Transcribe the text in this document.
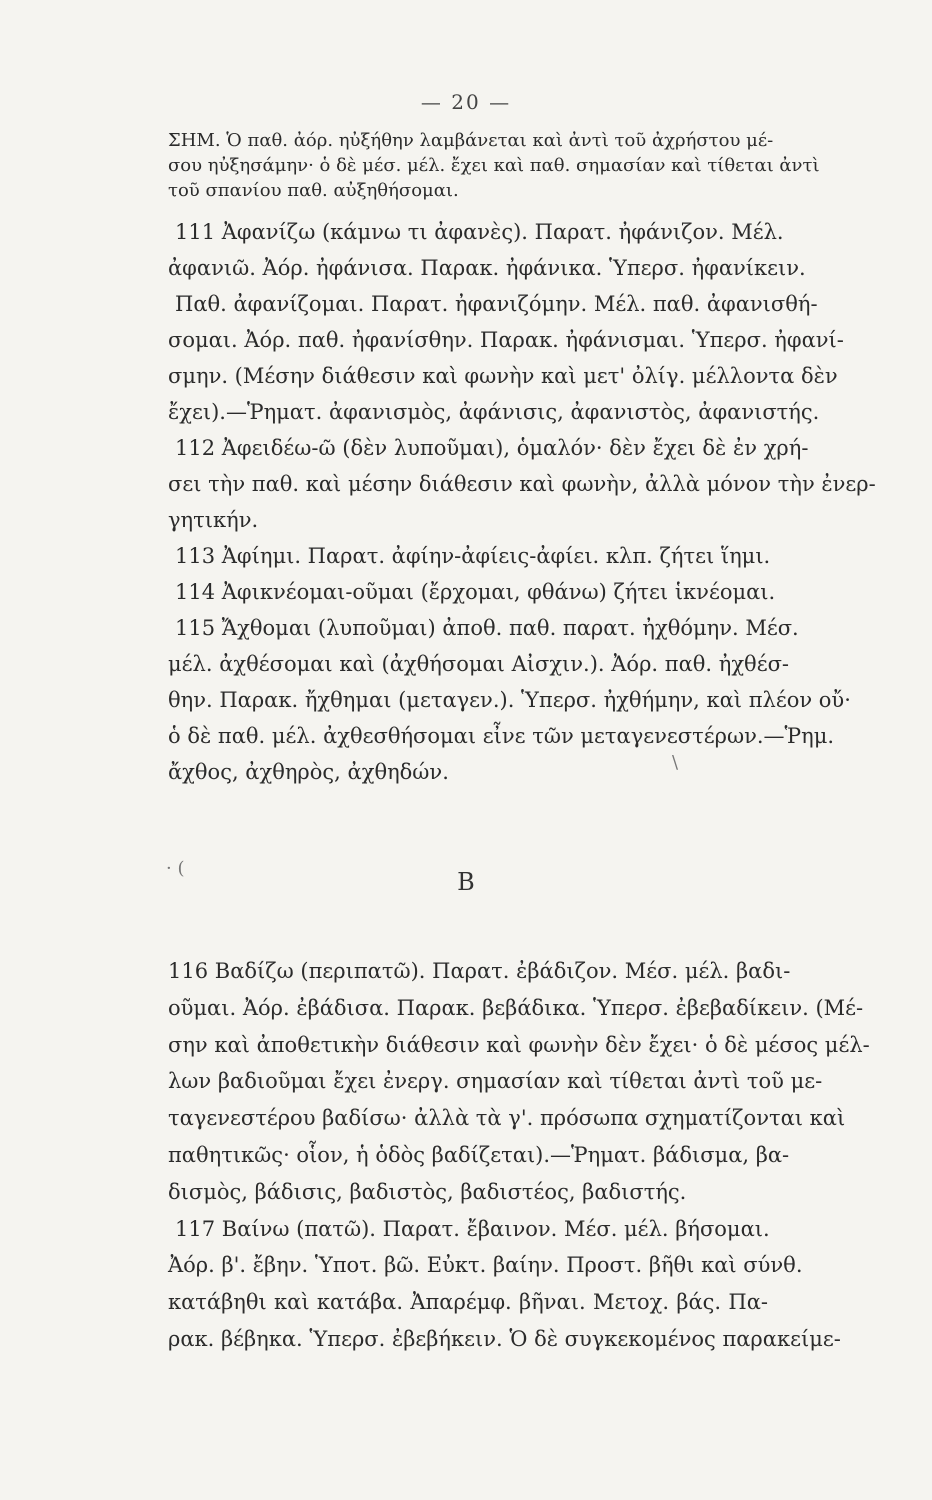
— 20 —
ΣΗΜ. Ὁ παθ. ἀόρ. ηὐξήθην λαμβάνεται καὶ ἀντὶ τοῦ ἀχρήστου μέ-
σου ηὐξησάμην· ὁ δὲ μέσ. μέλ. ἔχει καὶ παθ. σημασίαν καὶ τίθεται ἀντὶ
τοῦ σπανίου παθ. αὐξηθήσομαι.
111 Ἀφανίζω (κάμνω τι ἀφανὲς). Παρατ. ἠφάνιζον. Μέλ.
ἀφανιῶ. Ἀόρ. ἠφάνισα. Παρακ. ἠφάνικα. Ὑπερσ. ἠφανίκειν.
Παθ. ἀφανίζομαι. Παρατ. ἠφανιζόμην. Μέλ. παθ. ἀφανισθή-
σομαι. Ἀόρ. παθ. ἠφανίσθην. Παρακ. ἠφάνισμαι. Ὑπερσ. ἠφανί-
σμην. (Μέσην διάθεσιν καὶ φωνὴν καὶ μετ' ὀλίγ. μέλλοντα δὲν
ἔχει).—Ῥηματ. ἀφανισμὸς, ἀφάνισις, ἀφανιστὸς, ἀφανιστής.
112 Ἀφειδέω-ῶ (δὲν λυποῦμαι), ὁμαλόν· δὲν ἔχει δὲ ἐν χρή-
σει τὴν παθ. καὶ μέσην διάθεσιν καὶ φωνὴν, ἀλλὰ μόνον τὴν ἐνερ-
γητικήν.
113 Ἀφίημι. Παρατ. ἀφίην-ἀφίεις-ἀφίει. κλπ. ζήτει ἵημι.
114 Ἀφικνέομαι-οῦμαι (ἔρχομαι, φθάνω) ζήτει ἱκνέομαι.
115 Ἄχθομαι (λυποῦμαι) ἀποθ. παθ. παρατ. ἠχθόμην. Μέσ.
μέλ. ἀχθέσομαι καὶ (ἀχθήσομαι Αἰσχιν.). Ἀόρ. παθ. ἠχθέσ-
θην. Παρακ. ἤχθημαι (μεταγεν.). Ὑπερσ. ἠχθήμην, καὶ πλέον οὔ·
ὁ δὲ παθ. μέλ. ἀχθεσθήσομαι εἶνε τῶν μεταγενεστέρων.—Ῥημ.
ἄχθος, ἀχθηρὸς, ἀχθηδών.	\
· (	Β
116 Βαδίζω (περιπατῶ). Παρατ. ἐβάδιζον. Μέσ. μέλ. βαδι-
οῦμαι. Ἀόρ. ἐβάδισα. Παρακ. βεβάδικα. Ὑπερσ. ἐβεβαδίκειν. (Μέ-
σην καὶ ἀποθετικὴν διάθεσιν καὶ φωνὴν δὲν ἔχει· ὁ δὲ μέσος μέλ-
λων βαδιοῦμαι ἔχει ἐνεργ. σημασίαν καὶ τίθεται ἀντὶ τοῦ με-
ταγενεστέρου βαδίσω· ἀλλὰ τὰ γ'. πρόσωπα σχηματίζονται καὶ
παθητικῶς· οἷον, ἡ ὁδὸς βαδίζεται).—Ῥηματ. βάδισμα, βα-
δισμὸς, βάδισις, βαδιστὸς, βαδιστέος, βαδιστής.
117 Βαίνω (πατῶ). Παρατ. ἔβαινον. Μέσ. μέλ. βήσομαι.
Ἀόρ. β'. ἔβην. Ὑποτ. βῶ. Εὐκτ. βαίην. Προστ. βῆθι καὶ σύνθ.
κατάβηθι καὶ κατάβα. Ἀπαρέμφ. βῆναι. Μετοχ. βάς. Πα-
ρακ. βέβηκα. Ὑπερσ. ἐβεβήκειν. Ὁ δὲ συγκεκομένος παρακείμε-
